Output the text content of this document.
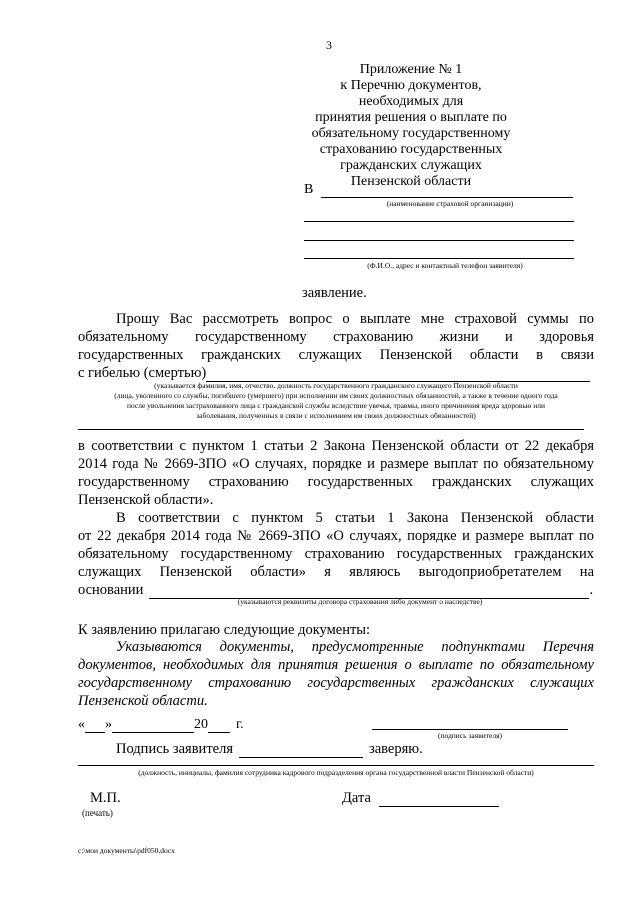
3
Приложение № 1
к Перечню документов, необходимых для
принятия решения о выплате по
обязательному государственному
страхованию государственных
гражданских служащих
Пензенской области
В
(наименование страховой организации)
(Ф.И.О., адрес и контактный телефон заявителя)
заявление.
Прошу Вас рассмотреть вопрос о выплате мне страховой суммы по
обязательному государственному страхованию жизни и здоровья
государственных гражданских служащих Пензенской области в связи
с гибелью (смертью)
(указывается фамилия, имя, отчество, должность государственного гражданского служащего Пензенской области
(лица, уволенного со службы, погибшего (умершего) при исполнении им своих должностных обязанностей, а также в течение одного года
после увольнения застрахованного лица с гражданской службы вследствие увечья, травмы, иного причинения вреда здоровью или
заболевания, полученных в связи с исполнением им своих должностных обязанностей)
в соответствии с пунктом 1 статьи 2 Закона Пензенской области от 22 декабря
2014 года № 2669-ЗПО «О случаях, порядке и размере выплат по обязательному
государственному страхованию государственных гражданских служащих
Пензенской области».
В соответствии с пунктом 5 статьи 1 Закона Пензенской области
от 22 декабря 2014 года № 2669-ЗПО «О случаях, порядке и размере выплат по
обязательному государственному страхованию государственных гражданских
служащих Пензенской области» я являюсь выгодоприобретателем на
основании	.
(указываются реквизиты договора страхования либо документ о наследстве)
К заявлению прилагаю следующие документы:
Указываются документы, предусмотренные подпунктами Перечня
документов, необходимых для принятия решения о выплате по обязательному
государственному страхованию государственных гражданских служащих
Пензенской области.
« »	20 г.
(подпись заявителя)
Подпись заявителя	заверяю.
(должность, инициалы, фамилия сотрудника кадрового подразделения органа государственной власти Пензенской области)
М.П.
(печать)
Дата
c:\мои документы\pdf050.docx
